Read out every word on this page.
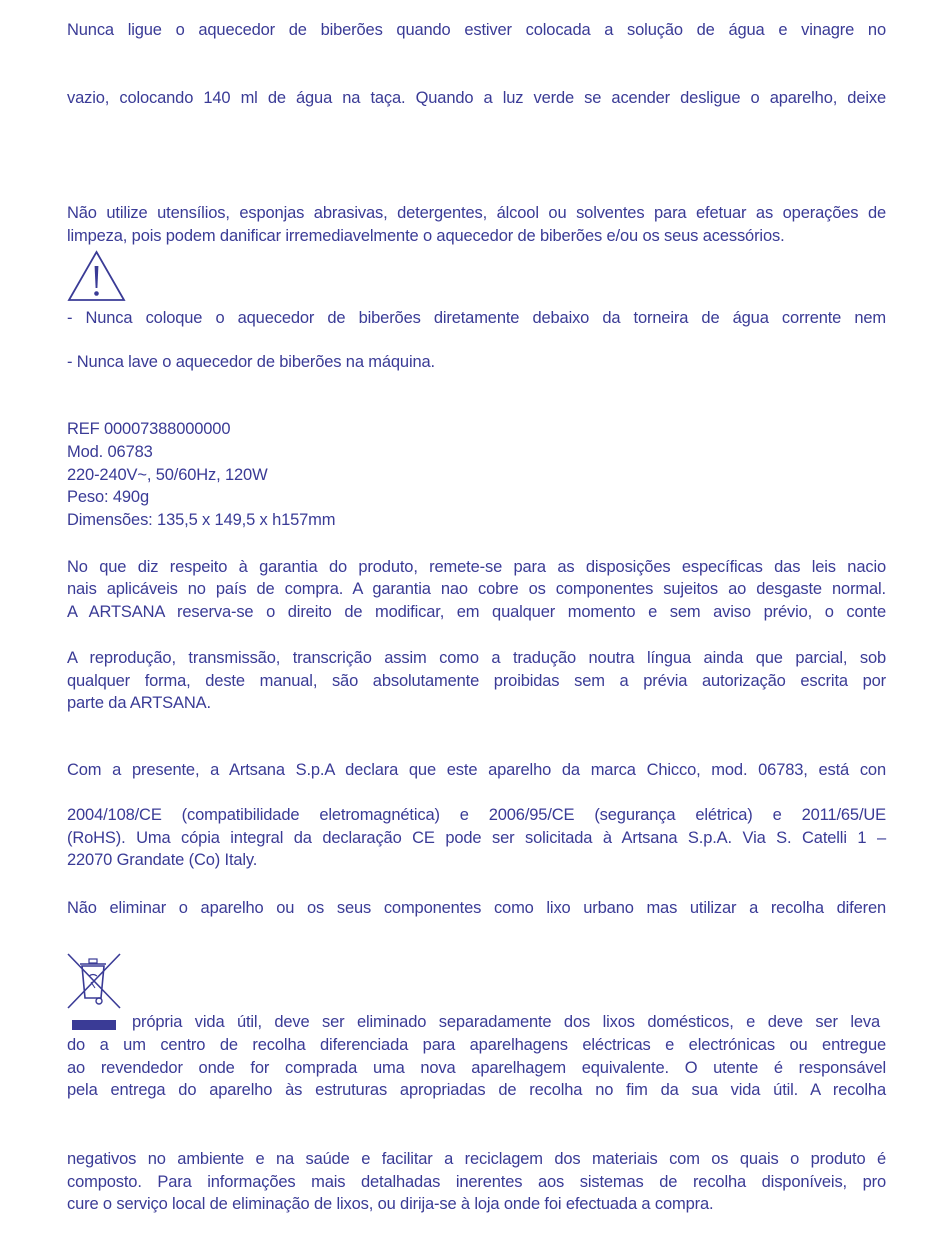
Nunca ligue o aquecedor de biberões quando estiver colocada a solução de água e vinagre no
vazio, colocando 140 ml de água na taça. Quando a luz verde se acender desligue o aparelho, deixe
Não utilize utensílios, esponjas abrasivas, detergentes, álcool ou solventes para efetuar as operações de
limpeza, pois podem danificar irremediavelmente o aquecedor de biberões e/ou os seus acessórios.
- Nunca coloque o aquecedor de biberões diretamente debaixo da torneira de água corrente nem
- Nunca lave o aquecedor de biberões na máquina.
REF 00007388000000
Mod. 06783
220-240V~, 50/60Hz, 120W
Peso: 490g
Dimensões: 135,5 x 149,5 x h157mm
No que diz respeito à garantia do produto, remete-se para as disposições específicas das leis nacio
nais aplicáveis no país de compra. A garantia nao cobre os componentes sujeitos ao desgaste normal.
A ARTSANA reserva-se o direito de modificar, em qualquer momento e sem aviso prévio, o conte
A reprodução, transmissão, transcrição assim como a tradução noutra língua ainda que parcial, sob
qualquer forma, deste manual, são absolutamente proibidas sem a prévia autorização escrita por
parte da ARTSANA.
Com a presente, a Artsana S.p.A declara que este aparelho da marca Chicco, mod. 06783, está con
2004/108/CE (compatibilidade eletromagnética) e 2006/95/CE (segurança elétrica) e 2011/65/UE
(RoHS). Uma cópia integral da declaração CE pode ser solicitada à Artsana S.p.A. Via S. Catelli 1 –
22070 Grandate (Co) Italy.
Não eliminar o aparelho ou os seus componentes como lixo urbano mas utilizar a recolha diferen
própria vida útil, deve ser eliminado separadamente dos lixos domésticos, e deve ser leva
do a um centro de recolha diferenciada para aparelhagens eléctricas e electrónicas ou entregue
ao revendedor onde for comprada uma nova aparelhagem equivalente. O utente é responsável
pela entrega do aparelho às estruturas apropriadas de recolha no fim da sua vida útil. A recolha
negativos no ambiente e na saúde e facilitar a reciclagem dos materiais com os quais o produto é
composto. Para informações mais detalhadas inerentes aos sistemas de recolha disponíveis, pro
cure o serviço local de eliminação de lixos, ou dirija-se à loja onde foi efectuada a compra.
